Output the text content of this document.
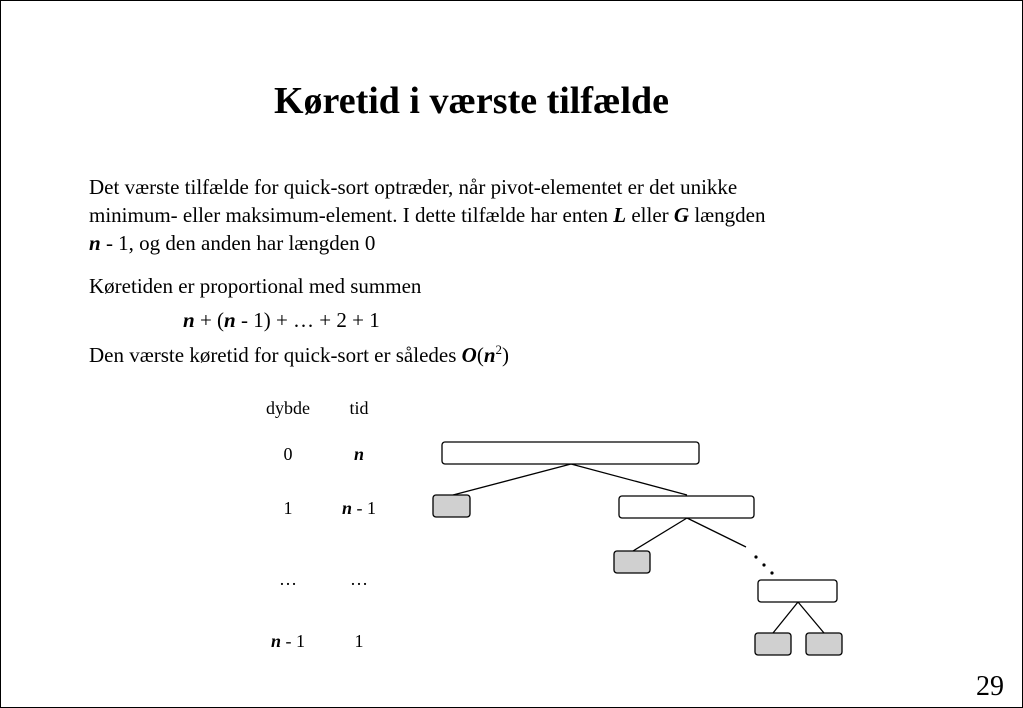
Køretid i værste tilfælde

Det værste tilfælde for quick-sort optræder, når pivot-elementet er det unikke
minimum- eller maksimum-element. I dette tilfælde har enten L eller G længden
n - 1, og den anden har længden 0

Køretiden er proportional med summen

n + (n - 1) + … + 2 + 1

Den værste køretid for quick-sort er således $O(n^2)$

dybde	tid
0	n
1	n - 1
…	…
n - 1	1
29
